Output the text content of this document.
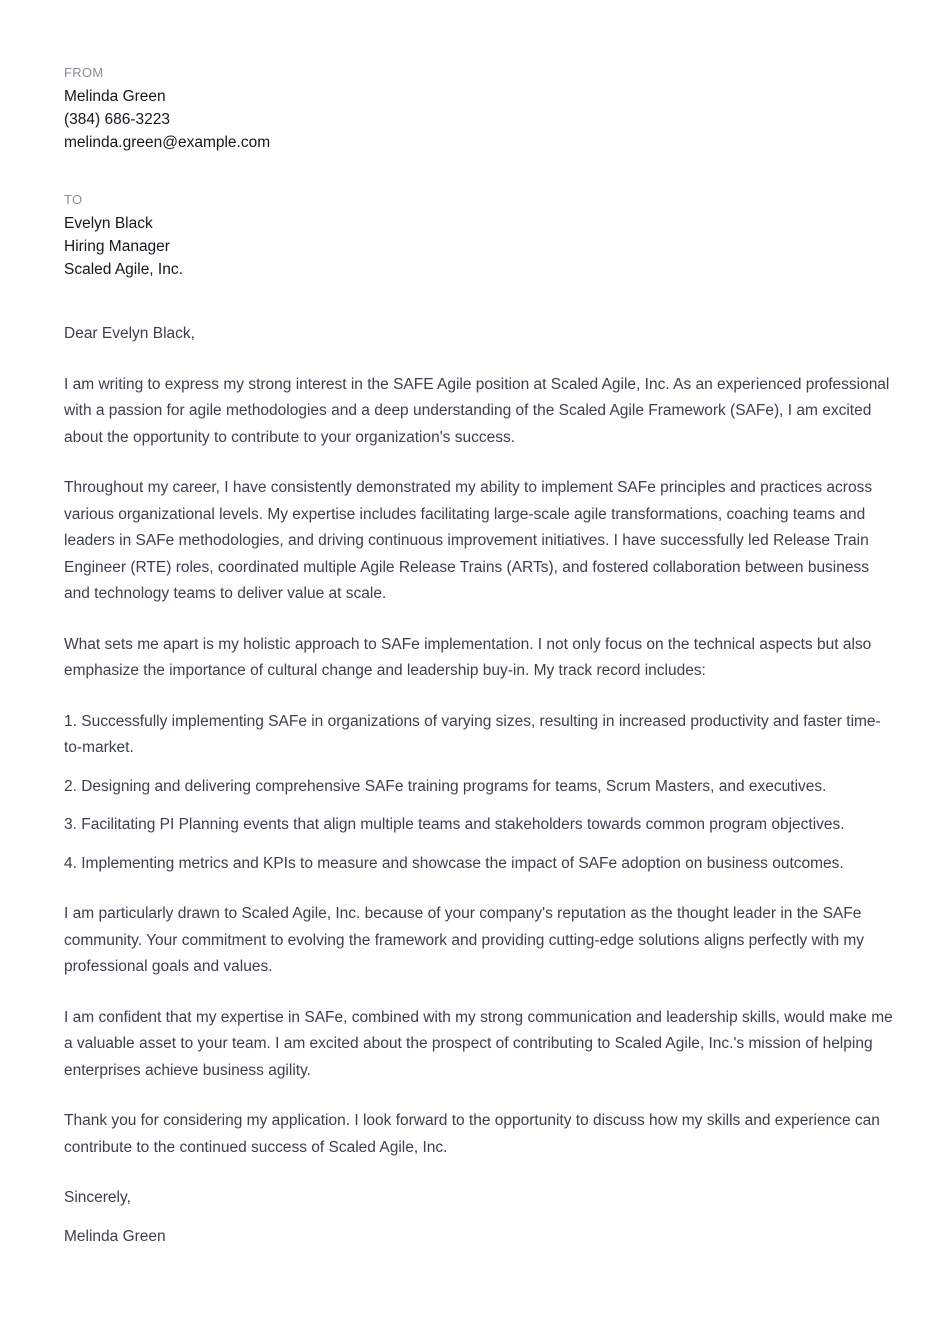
FROM
Melinda Green
(384) 686-3223
melinda.green@example.com
TO
Evelyn Black
Hiring Manager
Scaled Agile, Inc.

Dear Evelyn Black,

I am writing to express my strong interest in the SAFE Agile position at Scaled Agile, Inc. As an experienced professional with a passion for agile methodologies and a deep understanding of the Scaled Agile Framework (SAFe), I am excited about the opportunity to contribute to your organization's success.

Throughout my career, I have consistently demonstrated my ability to implement SAFe principles and practices across various organizational levels. My expertise includes facilitating large-scale agile transformations, coaching teams and leaders in SAFe methodologies, and driving continuous improvement initiatives. I have successfully led Release Train Engineer (RTE) roles, coordinated multiple Agile Release Trains (ARTs), and fostered collaboration between business and technology teams to deliver value at scale.

What sets me apart is my holistic approach to SAFe implementation. I not only focus on the technical aspects but also emphasize the importance of cultural change and leadership buy-in. My track record includes:

1. Successfully implementing SAFe in organizations of varying sizes, resulting in increased productivity and faster time-to-market.

2. Designing and delivering comprehensive SAFe training programs for teams, Scrum Masters, and executives.

3. Facilitating PI Planning events that align multiple teams and stakeholders towards common program objectives.

4. Implementing metrics and KPIs to measure and showcase the impact of SAFe adoption on business outcomes.

I am particularly drawn to Scaled Agile, Inc. because of your company's reputation as the thought leader in the SAFe community. Your commitment to evolving the framework and providing cutting-edge solutions aligns perfectly with my professional goals and values.

I am confident that my expertise in SAFe, combined with my strong communication and leadership skills, would make me a valuable asset to your team. I am excited about the prospect of contributing to Scaled Agile, Inc.'s mission of helping enterprises achieve business agility.

Thank you for considering my application. I look forward to the opportunity to discuss how my skills and experience can contribute to the continued success of Scaled Agile, Inc.

Sincerely,

Melinda Green
